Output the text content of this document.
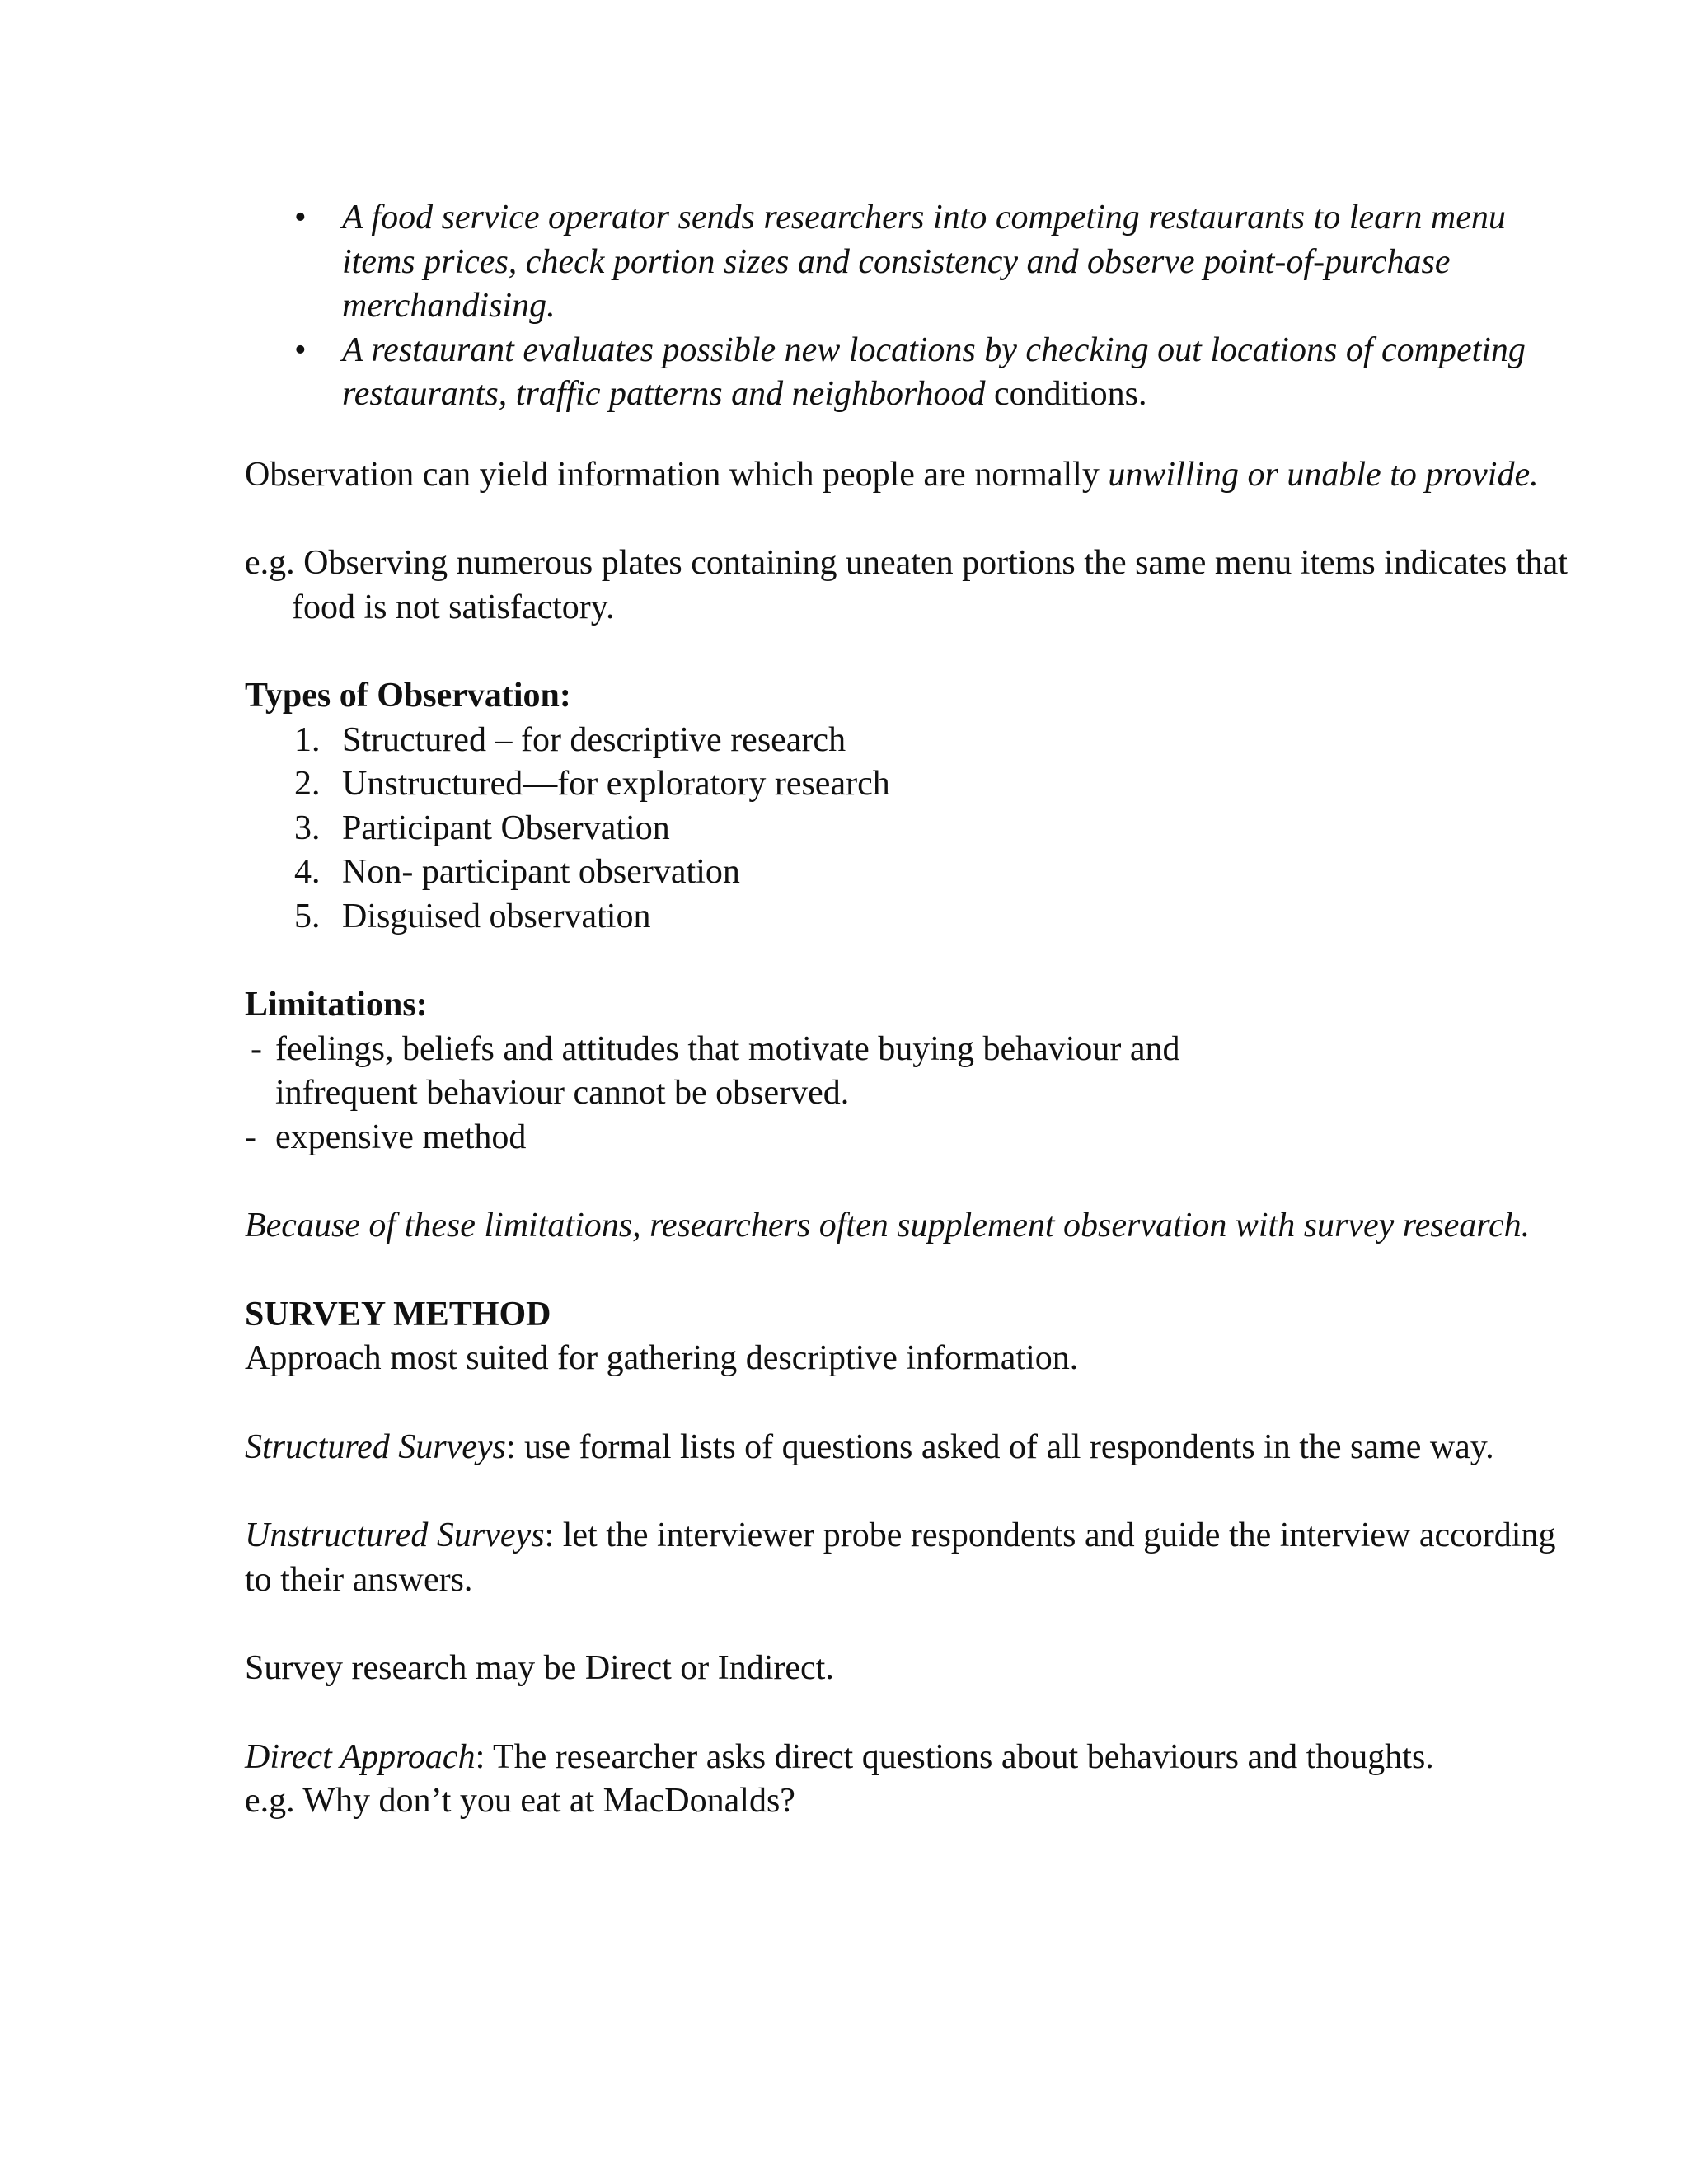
• A food service operator sends researchers into competing restaurants to learn menu items prices, check portion sizes and consistency and observe point-of-purchase merchandising.
• A restaurant evaluates possible new locations by checking out locations of competing restaurants, traffic patterns and neighborhood conditions.

Observation can yield information which people are normally unwilling or unable to provide.

e.g. Observing numerous plates containing uneaten portions the same menu items indicates that food is not satisfactory.

Types of Observation:

1. Structured – for descriptive research
2. Unstructured—for exploratory research
3. Participant Observation
4. Non- participant observation
5. Disguised observation

Limitations:

- feelings, beliefs and attitudes that motivate buying behaviour and
infrequent behaviour cannot be observed.
- expensive method

Because of these limitations, researchers often supplement observation with survey research.

SURVEY METHOD

Approach most suited for gathering descriptive information.

Structured Surveys: use formal lists of questions asked of all respondents in the same way.

Unstructured Surveys: let the interviewer probe respondents and guide the interview according to their answers.

Survey research may be Direct or Indirect.

Direct Approach: The researcher asks direct questions about behaviours and thoughts.

e.g. Why don’t you eat at MacDonalds?
